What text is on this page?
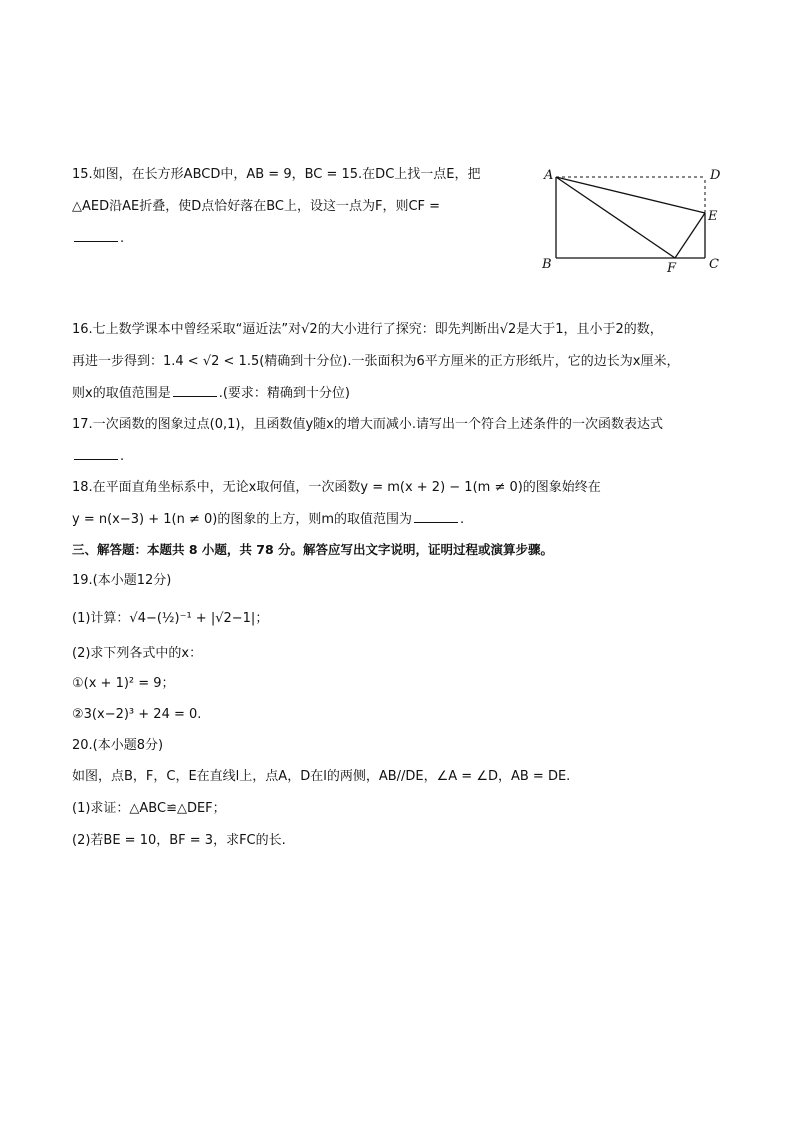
15.如图，在长方形ABCD中，AB = 9，BC = 15.在DC上找一点E，把
△AED沿AE折叠，使D点恰好落在BC上，设这一点为F，则CF =
.
A	D
E
B	C
F
16.七上数学课本中曾经采取“逼近法”对√2的大小进行了探究：即先判断出√2是大于1，且小于2的数，
再进一步得到：1.4 < √2 < 1.5(精确到十分位).一张面积为6平方厘米的正方形纸片，它的边长为x厘米，
则x的取值范围是	.(要求：精确到十分位)
17.一次函数的图象过点(0,1)，且函数值y随x的增大而减小.请写出一个符合上述条件的一次函数表达式
.
18.在平面直角坐标系中，无论x取何值，一次函数y = m(x + 2) − 1(m ≠ 0)的图象始终在
y = n(x−3) + 1(n ≠ 0)的图象的上方，则m的取值范围为	.
三、解答题：本题共 8 小题，共 78 分。解答应写出文字说明，证明过程或演算步骤。
19.(本小题12分)
(1)计算：√4−(½)⁻¹ + |√2−1|；
(2)求下列各式中的x：
①(x + 1)² = 9；
②3(x−2)³ + 24 = 0.
20.(本小题8分)
如图，点B，F，C，E在直线l上，点A，D在l的两侧，AB//DE，∠A = ∠D，AB = DE.
(1)求证：△ABC≌△DEF；
(2)若BE = 10，BF = 3，求FC的长.
